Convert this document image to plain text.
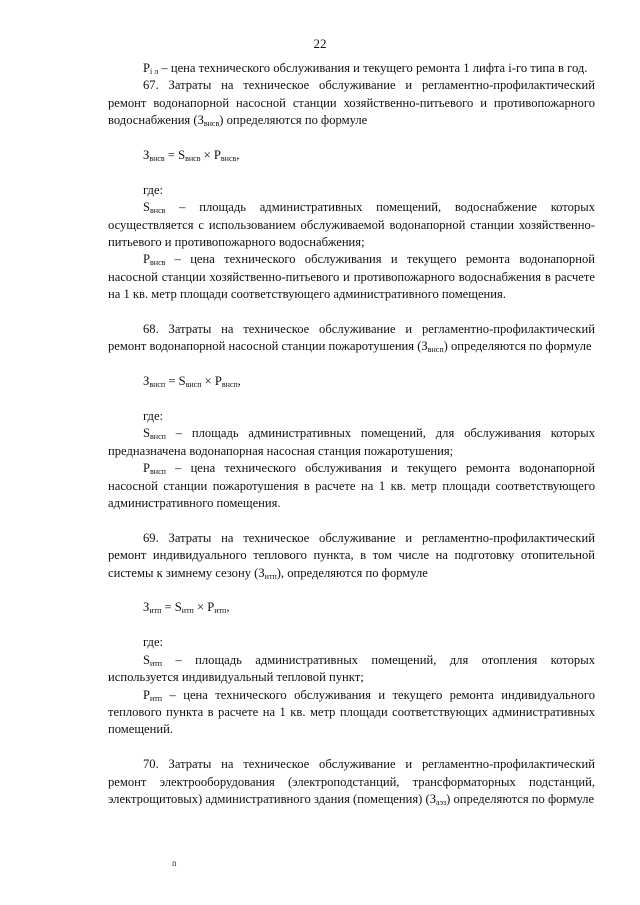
22

$P_{i л}$ – цена технического обслуживания и текущего ремонта 1 лифта i-го типа в год.

67. Затраты на техническое обслуживание и регламентно-профилактический ремонт водонапорной насосной станции хозяйственно-питьевого и противопожарного водоснабжения $(З_{внсв})$ определяются по формуле

$З_{внсв} = S_{внсв} \times P_{внсв}$,

где:

$S_{внсв}$ – площадь административных помещений, водоснабжение которых осуществляется с использованием обслуживаемой водонапорной станции хозяйственно-питьевого и противопожарного водоснабжения;

$P_{внсв}$ – цена технического обслуживания и текущего ремонта водонапорной насосной станции хозяйственно-питьевого и противопожарного водоснабжения в расчете на 1 кв. метр площади соответствующего административного помещения.

68. Затраты на техническое обслуживание и регламентно-профилактический ремонт водонапорной насосной станции пожаротушения $(З_{внсп})$ определяются по формуле

$З_{внсп} = S_{внсп} \times P_{внсп}$,

где:

$S_{внсп}$ – площадь административных помещений, для обслуживания которых предназначена водонапорная насосная станция пожаротушения;

$P_{внсп}$ – цена технического обслуживания и текущего ремонта водонапорной насосной станции пожаротушения в расчете на 1 кв. метр площади соответствующего административного помещения.

69. Затраты на техническое обслуживание и регламентно-профилактический ремонт индивидуального теплового пункта, в том числе на подготовку отопительной системы к зимнему сезону $(З_{итп})$, определяются по формуле

$З_{итп} = S_{итп} \times P_{итп}$,

где:

$S_{итп}$ – площадь административных помещений, для отопления которых используется индивидуальный тепловой пункт;

$P_{итп}$ – цена технического обслуживания и текущего ремонта индивидуального теплового пункта в расчете на 1 кв. метр площади соответствующих административных помещений.

70. Затраты на техническое обслуживание и регламентно-профилактический ремонт электрооборудования (электроподстанций, трансформаторных подстанций, электрощитовых) административного здания (помещения) $(З_{аэз})$ определяются по формуле

n
